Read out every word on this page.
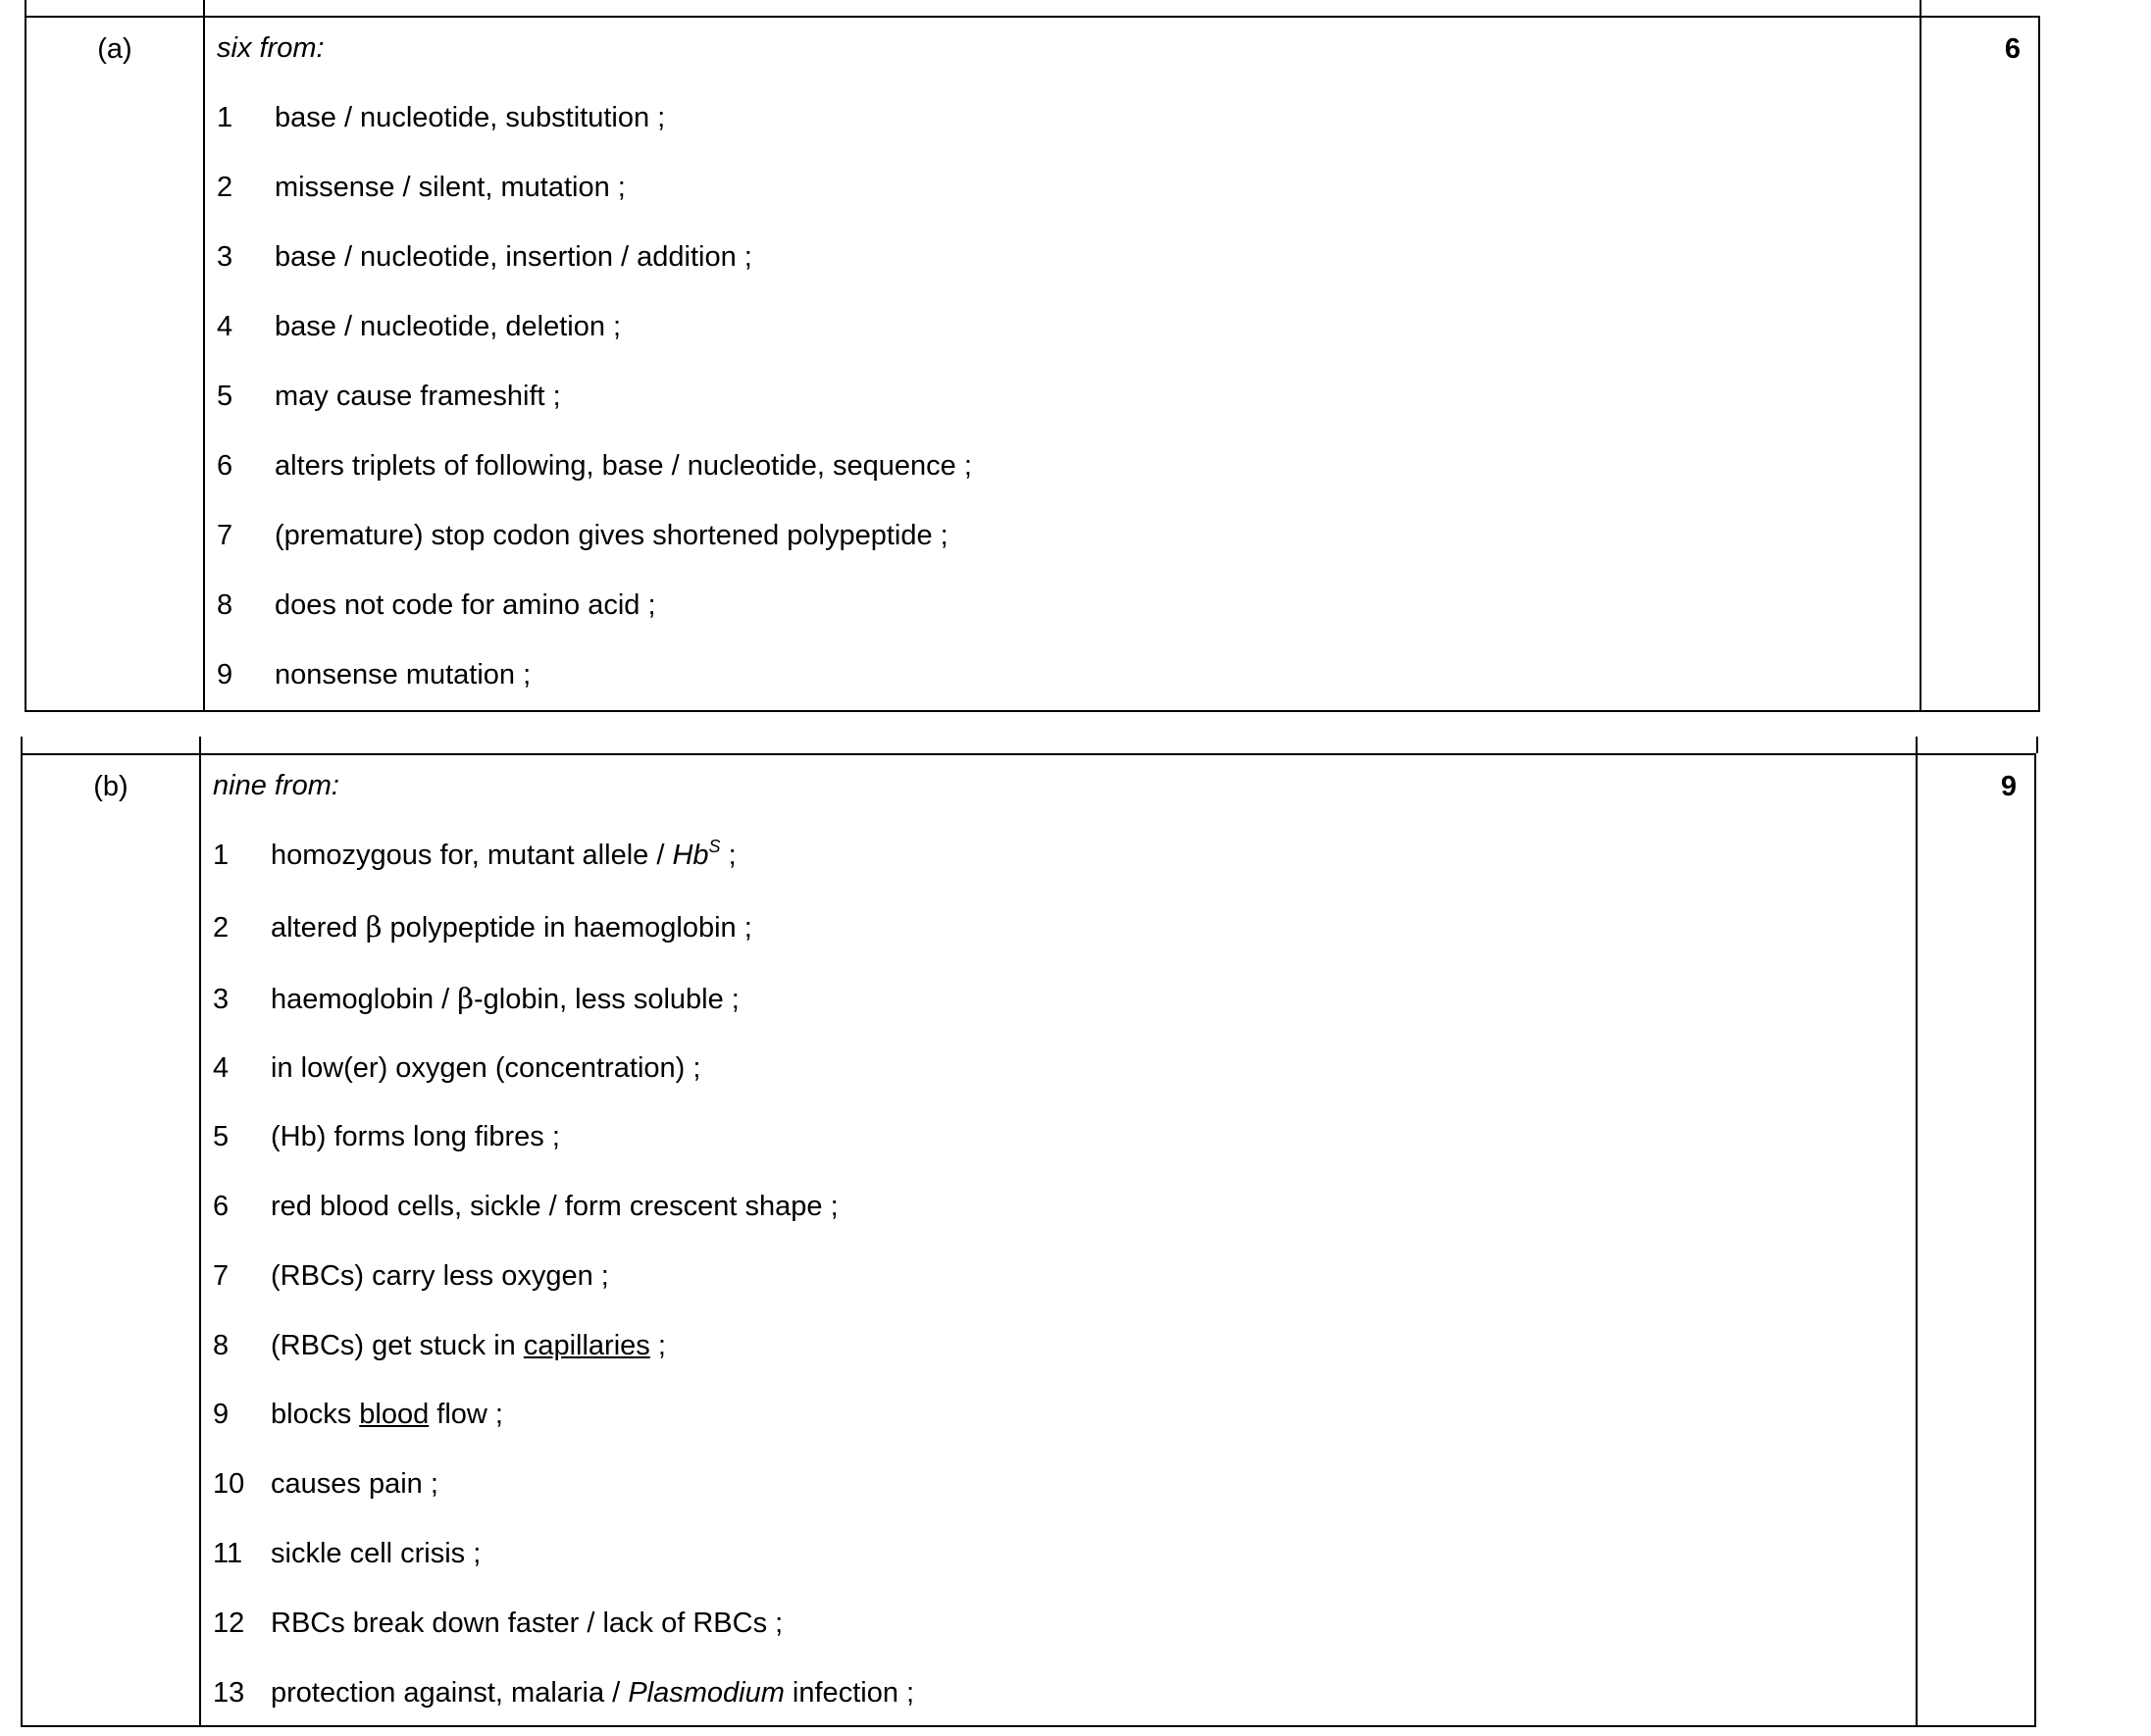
(a)	6
six from:
1 base / nucleotide, substitution ;
2 missense / silent, mutation ;
3 base / nucleotide, insertion / addition ;
4 base / nucleotide, deletion ;
5 may cause frameshift ;
6 alters triplets of following, base / nucleotide, sequence ;
7 (premature) stop codon gives shortened polypeptide ;
8 does not code for amino acid ;
9 nonsense mutation ;
(b)	9
nine from:
1 homozygous for, mutant allele / $Hb^S$ ;
2 altered β polypeptide in haemoglobin ;
3 haemoglobin / β-globin, less soluble ;
4 in low(er) oxygen (concentration) ;
5 (Hb) forms long fibres ;
6 red blood cells, sickle / form crescent shape ;
7 (RBCs) carry less oxygen ;
8 (RBCs) get stuck in capillaries ;
9 blocks blood flow ;
10 causes pain ;
11 sickle cell crisis ;
12 RBCs break down faster / lack of RBCs ;
13 protection against, malaria / Plasmodium infection ;
